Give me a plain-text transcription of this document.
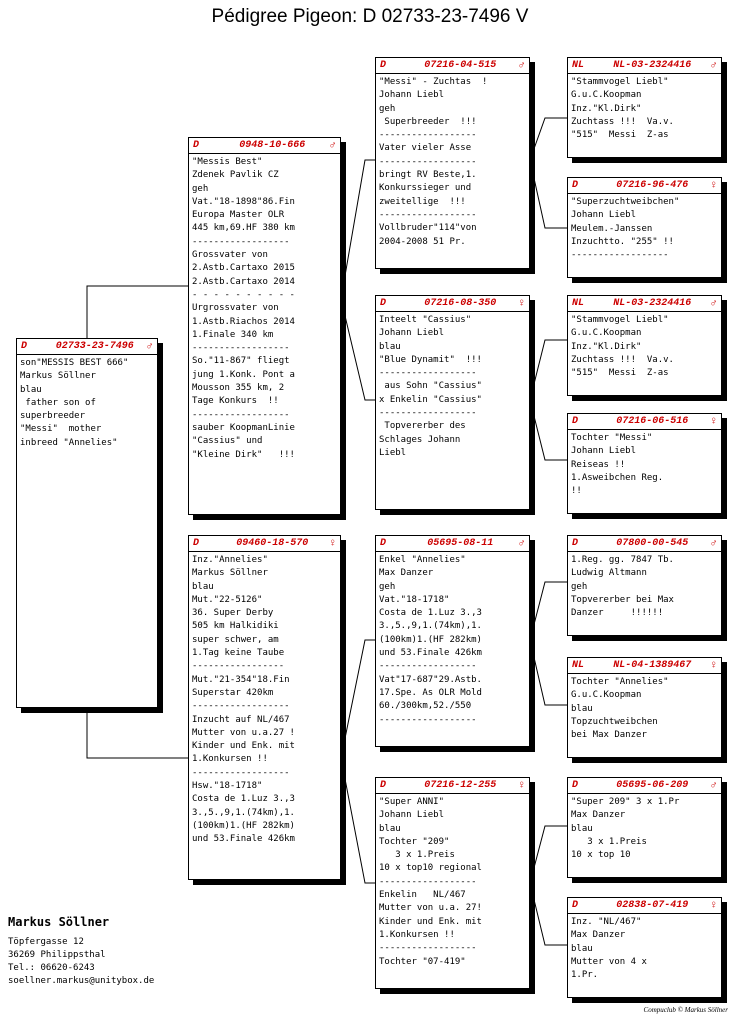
Pédigree Pigeon: D 02733-23-7496 V
D	02733-23-7496	♂
son"MESSIS BEST 666"
Markus Söllner
blau
father son of
superbreeder
"Messi"  mother
inbreed "Annelies"
D	0948-10-666	♂
"Messis Best"
Zdenek Pavlik CZ
geh
Vat."18-1898"86.Fin
Europa Master OLR
445 km,69.HF 380 km
------------------
Grossvater von
2.Astb.Cartaxo 2015
2.Astb.Cartaxo 2014
- - - - - - - - - -
Urgrossvater von
1.Astb.Riachos 2014
1.Finale 340 km
------------------
So."11-867" fliegt
jung 1.Konk. Pont a
Mousson 355 km, 2
Tage Konkurs  !!
------------------
sauber KoopmanLinie
"Cassius" und
"Kleine Dirk"   !!!
D	09460-18-570	♀
Inz."Annelies"
Markus Söllner
blau
Mut."22-5126"
36. Super Derby
505 km Halkidiki
super schwer, am
1.Tag keine Taube
-----------------
Mut."21-354"18.Fin
Superstar 420km
------------------
Inzucht auf NL/467
Mutter von u.a.27 !
Kinder und Enk. mit
1.Konkursen !!
------------------
Hsw."18-1718"
Costa de 1.Luz 3.,3
3.,5.,9,1.(74km),1.
(100km)1.(HF 282km)
und 53.Finale 426km
D	07216-04-515	♂
"Messi" - Zuchtas  !
Johann Liebl
geh
Superbreeder  !!!
------------------
Vater vieler Asse
------------------
bringt RV Beste,1.
Konkurssieger und
zweitellige  !!!
------------------
Vollbruder"114"von
2004-2008 51 Pr.
D	07216-08-350	♀
Inteelt "Cassius"
Johann Liebl
blau
"Blue Dynamit"  !!!
------------------
aus Sohn "Cassius"
x Enkelin "Cassius"
------------------
Topvererber des
Schlages Johann
Liebl
D	05695-08-11	♂
Enkel "Annelies"
Max Danzer
geh
Vat."18-1718"
Costa de 1.Luz 3.,3
3.,5.,9,1.(74km),1.
(100km)1.(HF 282km)
und 53.Finale 426km
------------------
Vat"17-687"29.Astb.
17.Spe. As OLR Mold
60./300km,52./550
------------------
D	07216-12-255	♀
"Super ANNI"
Johann Liebl
blau
Tochter "209"
3 x 1.Preis
10 x top10 regional
------------------
Enkelin   NL/467
Mutter von u.a. 27!
Kinder und Enk. mit
1.Konkursen !!
------------------
Tochter "07-419"
NL	NL-03-2324416	♂
"Stammvogel Liebl"
G.u.C.Koopman
Inz."Kl.Dirk"
Zuchtass !!!  Va.v.
"515"  Messi  Z-as
D	07216-96-476	♀
"Superzuchtweibchen"
Johann Liebl
Meulem.-Janssen
Inzuchtto. "255" !!
------------------
NL	NL-03-2324416	♂
"Stammvogel Liebl"
G.u.C.Koopman
Inz."Kl.Dirk"
Zuchtass !!!  Va.v.
"515"  Messi  Z-as
D	07216-06-516	♀
Tochter "Messi"
Johann Liebl
Reiseas !!
1.Asweibchen Reg.
!!
D	07800-00-545	♂
1.Reg. gg. 7847 Tb.
Ludwig Altmann
geh
Topvererber bei Max
Danzer     !!!!!!
NL	NL-04-1389467	♀
Tochter "Annelies"
G.u.C.Koopman
blau
Topzuchtweibchen
bei Max Danzer
D	05695-06-209	♂
"Super 209" 3 x 1.Pr
Max Danzer
blau
3 x 1.Preis
10 x top 10
D	02838-07-419	♀
Inz. "NL/467"
Max Danzer
blau
Mutter von 4 x
1.Pr.
Markus Söllner
Töpfergasse 12
36269 Philippsthal
Tel.: 06620-6243
soellner.markus@unitybox.de
Compuclub © Markus Söllner
